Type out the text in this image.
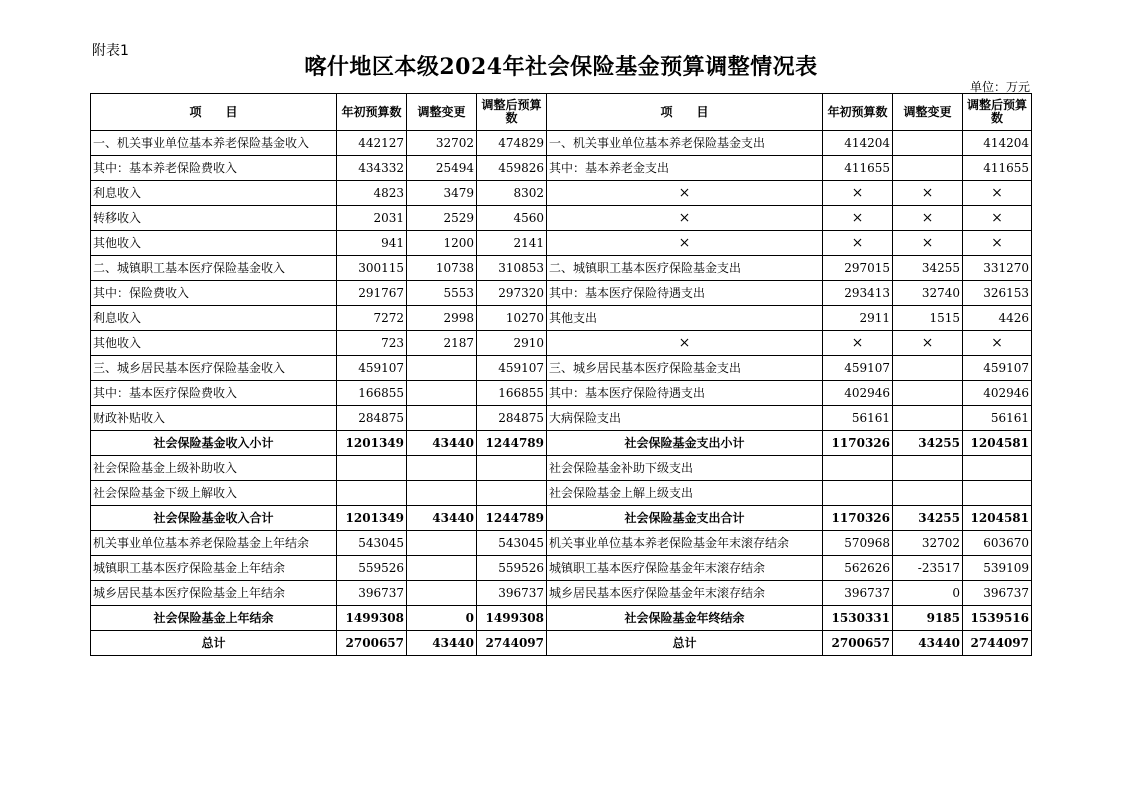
附表1
喀什地区本级2024年社会保险基金预算调整情况表
单位：万元
项　　目	年初预算数	调整变更	调整后预算数	项　　目	年初预算数	调整变更	调整后预算数
一、机关事业单位基本养老保险基金收入	442127	32702	474829	一、机关事业单位基本养老保险基金支出	414204		414204
其中：基本养老保险费收入	434332	25494	459826	其中：基本养老金支出	411655		411655
利息收入	4823	3479	8302	×	×	×	×
转移收入	2031	2529	4560	×	×	×	×
其他收入	941	1200	2141	×	×	×	×
二、城镇职工基本医疗保险基金收入	300115	10738	310853	二、城镇职工基本医疗保险基金支出	297015	34255	331270
其中：保险费收入	291767	5553	297320	其中：基本医疗保险待遇支出	293413	32740	326153
利息收入	7272	2998	10270	其他支出	2911	1515	4426
其他收入	723	2187	2910	×	×	×	×
三、城乡居民基本医疗保险基金收入	459107		459107	三、城乡居民基本医疗保险基金支出	459107		459107
其中：基本医疗保险费收入	166855		166855	其中：基本医疗保险待遇支出	402946		402946
财政补贴收入	284875		284875	大病保险支出	56161		56161
社会保险基金收入小计	1201349	43440	1244789	社会保险基金支出小计	1170326	34255	1204581
社会保险基金上级补助收入				社会保险基金补助下级支出			
社会保险基金下级上解收入				社会保险基金上解上级支出			
社会保险基金收入合计	1201349	43440	1244789	社会保险基金支出合计	1170326	34255	1204581
机关事业单位基本养老保险基金上年结余	543045		543045	机关事业单位基本养老保险基金年末滚存结余	570968	32702	603670
城镇职工基本医疗保险基金上年结余	559526		559526	城镇职工基本医疗保险基金年末滚存结余	562626	-23517	539109
城乡居民基本医疗保险基金上年结余	396737		396737	城乡居民基本医疗保险基金年末滚存结余	396737	0	396737
社会保险基金上年结余	1499308	0	1499308	社会保险基金年终结余	1530331	9185	1539516
总计	2700657	43440	2744097	总计	2700657	43440	2744097
